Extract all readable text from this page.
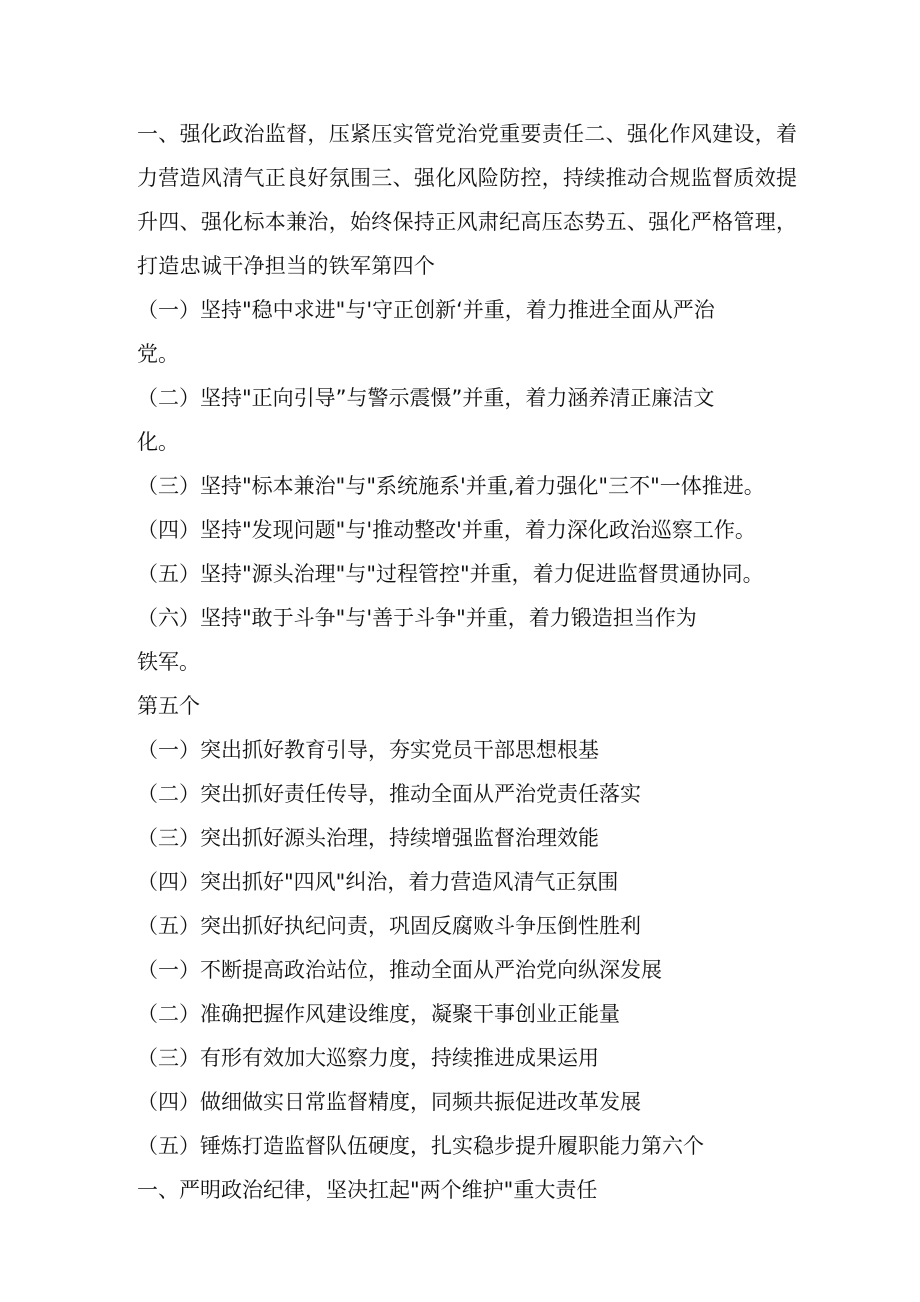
一、强化政治监督，压紧压实管党治党重要责任二、强化作风建设，着力营造风清气正良好氛围三、强化风险防控，持续推动合规监督质效提升四、强化标本兼治，始终保持正风肃纪高压态势五、强化严格管理，打造忠诚干净担当的铁军第四个

（一）坚持"稳中求进"与'守正创新‘并重，着力推进全面从严治

党。

（二）坚持"正向引导”与警示震慑”并重，着力涵养清正廉洁文

化。

（三）坚持"标本兼治"与"系统施系'并重,着力强化"三不"一体推进。

（四）坚持"发现问题"与'推动整改'并重，着力深化政治巡察工作。

（五）坚持"源头治理"与"过程管控"并重，着力促进监督贯通协同。

（六）坚持"敢于斗争"与'善于斗争"并重，着力锻造担当作为

铁军。

第五个

（一）突出抓好教育引导，夯实党员干部思想根基

（二）突出抓好责任传导，推动全面从严治党责任落实

（三）突出抓好源头治理，持续增强监督治理效能

（四）突出抓好"四风"纠治，着力营造风清气正氛围

（五）突出抓好执纪问责，巩固反腐败斗争压倒性胜利

（一）不断提高政治站位，推动全面从严治党向纵深发展

（二）准确把握作风建设维度，凝聚干事创业正能量

（三）有形有效加大巡察力度，持续推进成果运用

（四）做细做实日常监督精度，同频共振促进改革发展

（五）锤炼打造监督队伍硬度，扎实稳步提升履职能力第六个

一、严明政治纪律，坚决扛起"两个维护"重大责任
